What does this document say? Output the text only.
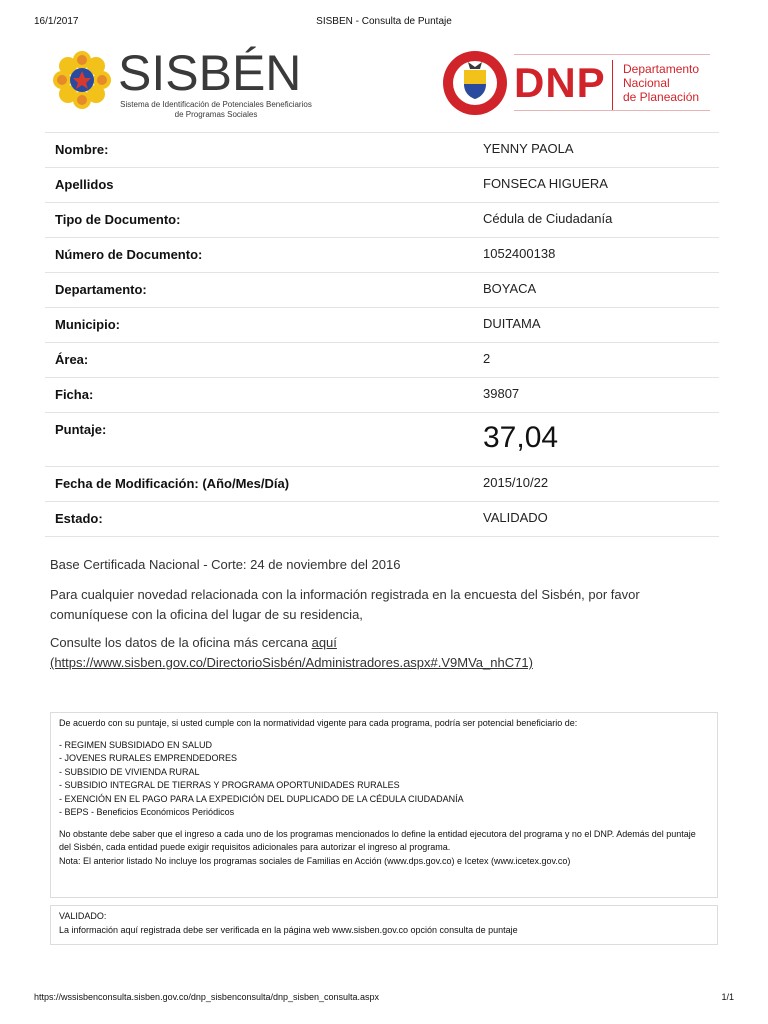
16/1/2017	SISBEN - Consulta de Puntaje
SISBÉN
Sistema de Identificación de Potenciales Beneficiarios de Programas Sociales
DNP Departamento
Nacional
de Planeación
Nombre:	YENNY PAOLA
Apellidos	FONSECA HIGUERA
Tipo de Documento:	Cédula de Ciudadanía
Número de Documento:	1052400138
Departamento:	BOYACA
Municipio:	DUITAMA
Área:	2
Ficha:	39807
Puntaje:	37,04
Fecha de Modificación: (Año/Mes/Día)	2015/10/22
Estado:	VALIDADO
Base Certificada Nacional - Corte: 24 de noviembre del 2016
Para cualquier novedad relacionada con la información registrada en la encuesta del Sisbén, por favor comuníquese con la oficina del lugar de su residencia,
Consulte los datos de la oficina más cercana aquí
(https://www.sisben.gov.co/DirectorioSisbén/Administradores.aspx#.V9MVa_nhC71)

De acuerdo con su puntaje, si usted cumple con la normatividad vigente para cada programa, podría ser potencial beneficiario de:

- REGIMEN SUBSIDIADO EN SALUD

- JOVENES RURALES EMPRENDEDORES

- SUBSIDIO DE VIVIENDA RURAL

- SUBSIDIO INTEGRAL DE TIERRAS Y PROGRAMA OPORTUNIDADES RURALES

- EXENCIÓN EN EL PAGO PARA LA EXPEDICIÓN DEL DUPLICADO DE LA CÉDULA CIUDADANÍA

- BEPS - Beneficios Económicos Periódicos

No obstante debe saber que el ingreso a cada uno de los programas mencionados lo define la entidad ejecutora del programa y no el DNP. Además del puntaje del Sisbén, cada entidad puede exigir requisitos adicionales para autorizar el ingreso al programa.

Nota: El anterior listado No incluye los programas sociales de Familias en Acción (www.dps.gov.co) e Icetex (www.icetex.gov.co)

VALIDADO:

La información aquí registrada debe ser verificada en la página web www.sisben.gov.co opción consulta de puntaje

https://wssisbenconsulta.sisben.gov.co/dnp_sisbenconsulta/dnp_sisben_consulta.aspx	1/1
